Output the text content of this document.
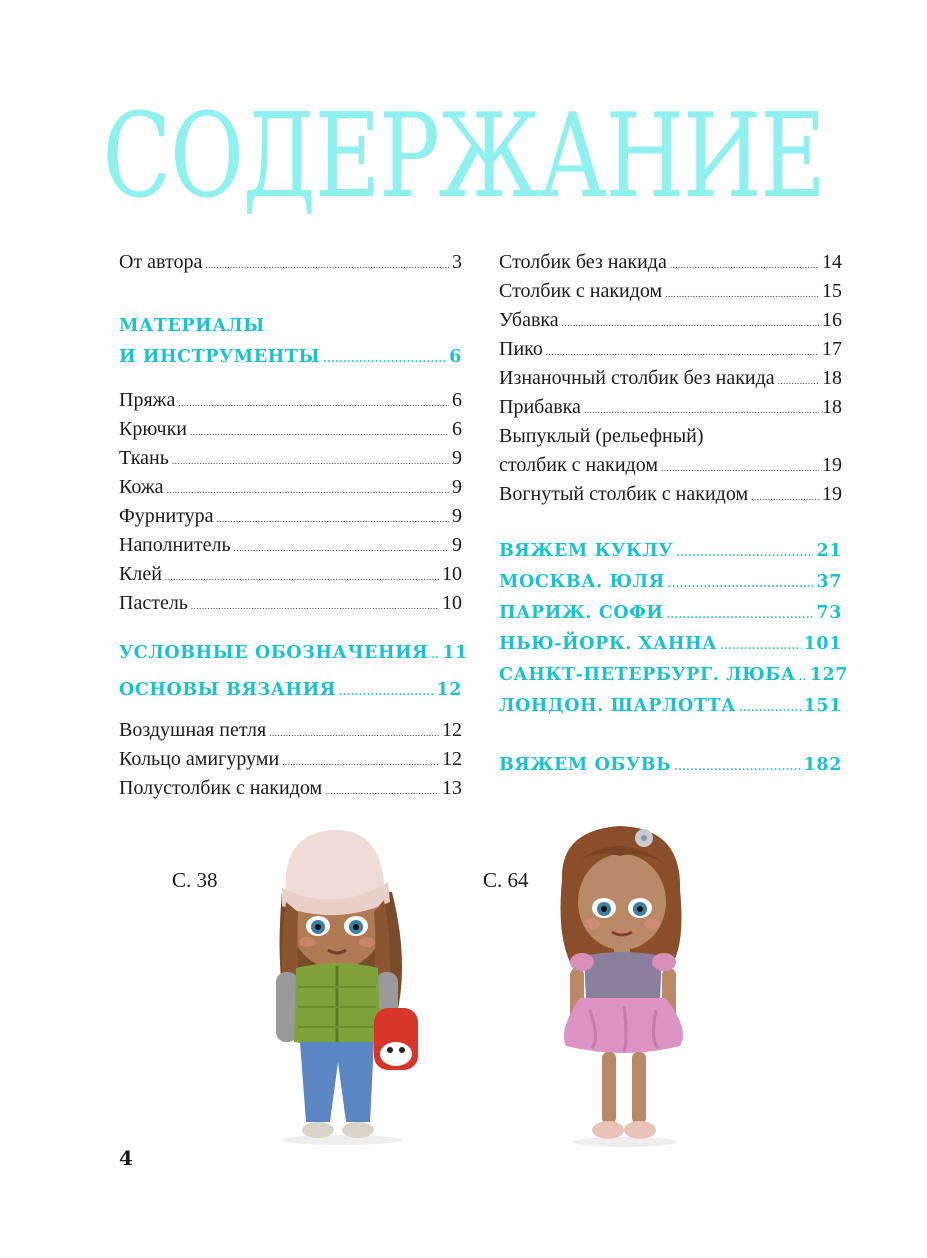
СОДЕРЖАНИЕ
От автора .....	3
МАТЕРИАЛЫ
И ИНСТРУМЕНТЫ .....	6
Пряжа .....	6
Крючки .....	6
Ткань .....	9
Кожа .....	9
Фурнитура .....	9
Наполнитель .....	9
Клей .....	10
Пастель .....	10
УСЛОВНЫЕ ОБОЗНАЧЕНИЯ ..... 11
ОСНОВЫ ВЯЗАНИЯ .....	12
Воздушная петля .....	12
Кольцо амигуруми .....	12
Полустолбик с накидом .....	13
Столбик без накида .....	14
Столбик с накидом .....	15
Убавка .....	16
Пико .....	17
Изнаночный столбик без накида ..... 18
Прибавка .....	18
Выпуклый (рельефный)
столбик с накидом .....	19
Вогнутый столбик с накидом .....	19
ВЯЖЕМ КУКЛУ .....	21
МОСКВА. ЮЛЯ .....	37
ПАРИЖ. СОФИ .....	73
НЬЮ-ЙОРК. ХАННА .....	101
САНКТ-ПЕТЕРБУРГ. ЛЮБА ..... 127
ЛОНДОН. ШАРЛОТТА .....	151
ВЯЖЕМ ОБУВЬ .....	182
С. 38	С. 64
4
